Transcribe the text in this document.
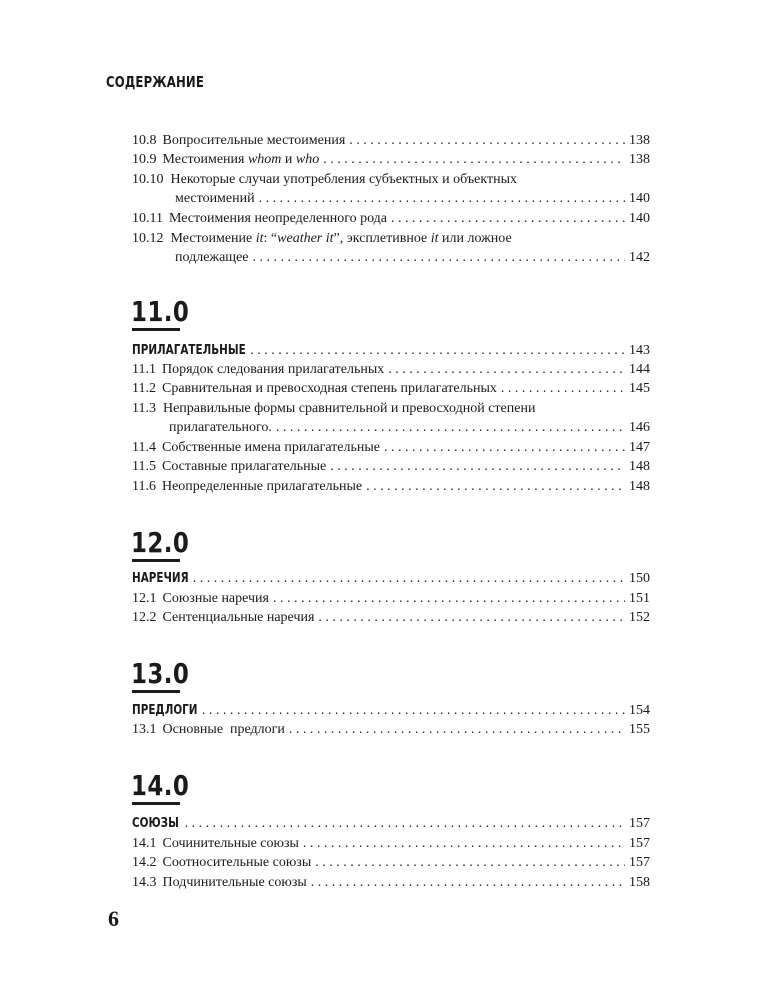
СОДЕРЖАНИЕ
10.8 Вопросительные местоимения . . .	138
10.9 Местоимения whom и who . . .	138
10.10 Некоторые случаи употребления субъектных и объектных
местоимений . . .	140
10.11 Местоимения неопределенного рода . . .	140
10.12 Местоимение it: “weather it”, эксплетивное it или ложное
подлежащее . . .	142
11.0
ПРИЛАГАТЕЛЬНЫЕ . . .	143
11.1 Порядок следования прилагательных . . .	144
11.2 Сравнительная и превосходная степень прилагательных . . .	145
11.3 Неправильные формы сравнительной и превосходной степени
прилагательного. . . .	146
11.4 Собственные имена прилагательные . . .	147
11.5 Составные прилагательные . . .	148
11.6 Неопределенные прилагательные . . .	148
12.0
НАРЕЧИЯ . . .	150
12.1 Союзные наречия . . .	151
12.2 Сентенциальные наречия . . .	152
13.0
ПРЕДЛОГИ . . .	154
13.1 Основные  предлоги . . .	155
14.0
СОЮЗЫ . . .	157
14.1 Сочинительные союзы . . .	157
14.2 Соотносительные союзы . . .	157
14.3 Подчинительные союзы . . .	158
6
